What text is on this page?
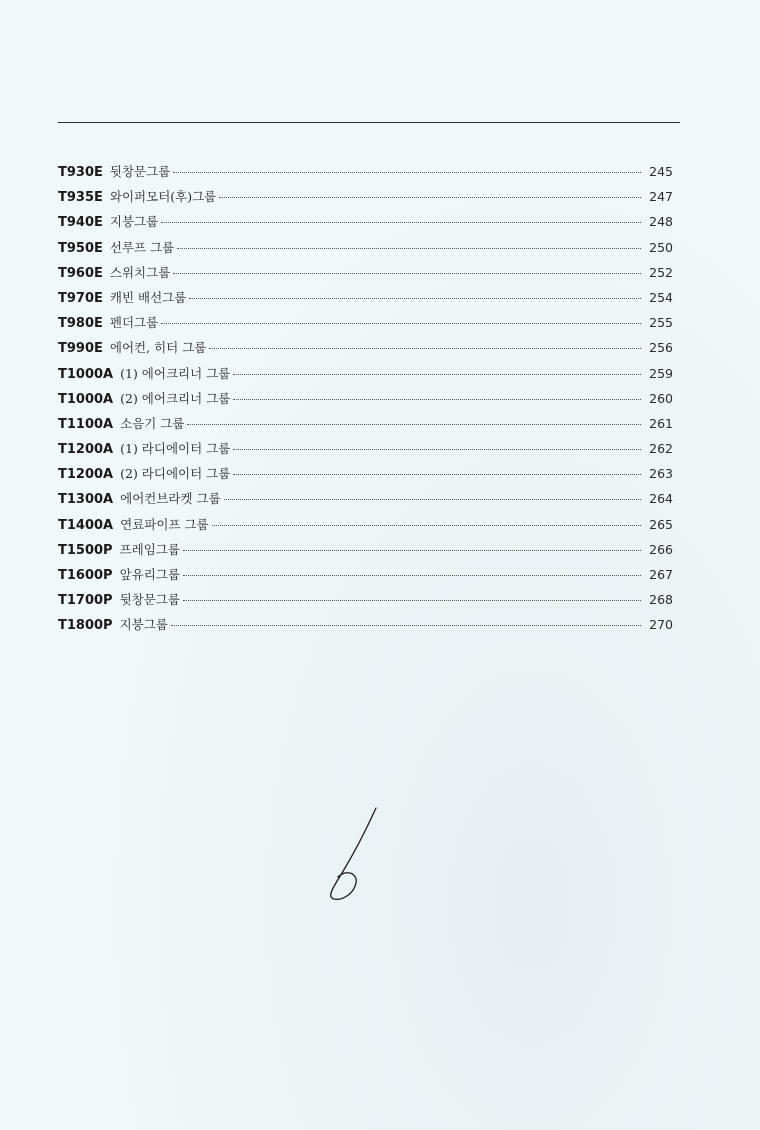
T930E 뒷창문그룹	245
T935E 와이퍼모터(후)그룹	247
T940E 지붕그룹	248
T950E 선루프 그룹	250
T960E 스위치그룹	252
T970E 캐빈 배선그룹	254
T980E 펜더그룹	255
T990E 에어컨, 히터 그룹	256
T1000A (1) 에어크리너 그룹	259
T1000A (2) 에어크리너 그룹	260
T1100A 소음기 그룹	261
T1200A (1) 라디에이터 그룹	262
T1200A (2) 라디에이터 그룹	263
T1300A 에어컨브라켓 그룹	264
T1400A 연료파이프 그룹	265
T1500P 프레임그룹	266
T1600P 앞유리그룹	267
T1700P 뒷창문그룹	268
T1800P 지붕그룹	270
